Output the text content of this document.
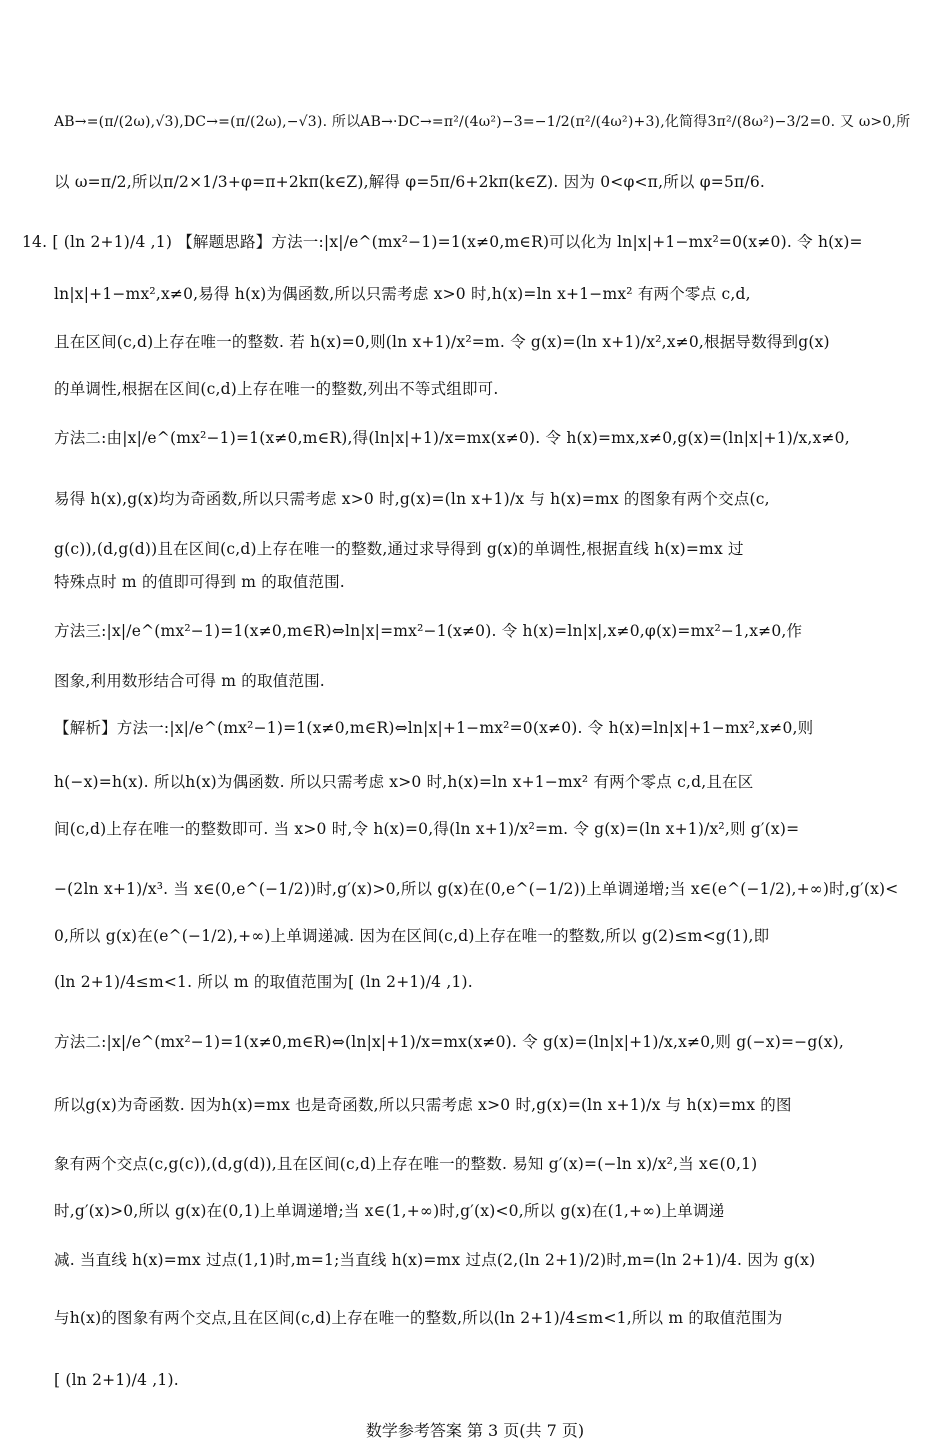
AB→=(π/(2ω),√3),DC→=(π/(2ω),−√3). 所以AB→·DC→=π²/(4ω²)−3=−1/2(π²/(4ω²)+3),化简得3π²/(8ω²)−3/2=0. 又 ω>0,所
以 ω=π/2,所以π/2×1/3+φ=π+2kπ(k∈Z),解得 φ=5π/6+2kπ(k∈Z). 因为 0<φ<π,所以 φ=5π/6.
14. [ (ln 2+1)/4 ,1) 【解题思路】方法一:|x|/e^(mx²−1)=1(x≠0,m∈R)可以化为 ln|x|+1−mx²=0(x≠0). 令 h(x)=
ln|x|+1−mx²,x≠0,易得 h(x)为偶函数,所以只需考虑 x>0 时,h(x)=ln x+1−mx² 有两个零点 c,d,
且在区间(c,d)上存在唯一的整数. 若 h(x)=0,则(ln x+1)/x²=m. 令 g(x)=(ln x+1)/x²,x≠0,根据导数得到g(x)
的单调性,根据在区间(c,d)上存在唯一的整数,列出不等式组即可.
方法二:由|x|/e^(mx²−1)=1(x≠0,m∈R),得(ln|x|+1)/x=mx(x≠0). 令 h(x)=mx,x≠0,g(x)=(ln|x|+1)/x,x≠0,
易得 h(x),g(x)均为奇函数,所以只需考虑 x>0 时,g(x)=(ln x+1)/x 与 h(x)=mx 的图象有两个交点(c,
g(c)),(d,g(d))且在区间(c,d)上存在唯一的整数,通过求导得到 g(x)的单调性,根据直线 h(x)=mx 过
特殊点时 m 的值即可得到 m 的取值范围.
方法三:|x|/e^(mx²−1)=1(x≠0,m∈R)⇔ln|x|=mx²−1(x≠0). 令 h(x)=ln|x|,x≠0,φ(x)=mx²−1,x≠0,作
图象,利用数形结合可得 m 的取值范围.
【解析】方法一:|x|/e^(mx²−1)=1(x≠0,m∈R)⇔ln|x|+1−mx²=0(x≠0). 令 h(x)=ln|x|+1−mx²,x≠0,则
h(−x)=h(x). 所以h(x)为偶函数. 所以只需考虑 x>0 时,h(x)=ln x+1−mx² 有两个零点 c,d,且在区
间(c,d)上存在唯一的整数即可. 当 x>0 时,令 h(x)=0,得(ln x+1)/x²=m. 令 g(x)=(ln x+1)/x²,则 g′(x)=
−(2ln x+1)/x³. 当 x∈(0,e^(−1/2))时,g′(x)>0,所以 g(x)在(0,e^(−1/2))上单调递增;当 x∈(e^(−1/2),+∞)时,g′(x)<
0,所以 g(x)在(e^(−1/2),+∞)上单调递减. 因为在区间(c,d)上存在唯一的整数,所以 g(2)≤m<g(1),即
(ln 2+1)/4≤m<1. 所以 m 的取值范围为[ (ln 2+1)/4 ,1).
方法二:|x|/e^(mx²−1)=1(x≠0,m∈R)⇔(ln|x|+1)/x=mx(x≠0). 令 g(x)=(ln|x|+1)/x,x≠0,则 g(−x)=−g(x),
所以g(x)为奇函数. 因为h(x)=mx 也是奇函数,所以只需考虑 x>0 时,g(x)=(ln x+1)/x 与 h(x)=mx 的图
象有两个交点(c,g(c)),(d,g(d)),且在区间(c,d)上存在唯一的整数. 易知 g′(x)=(−ln x)/x²,当 x∈(0,1)
时,g′(x)>0,所以 g(x)在(0,1)上单调递增;当 x∈(1,+∞)时,g′(x)<0,所以 g(x)在(1,+∞)上单调递
减. 当直线 h(x)=mx 过点(1,1)时,m=1;当直线 h(x)=mx 过点(2,(ln 2+1)/2)时,m=(ln 2+1)/4. 因为 g(x)
与h(x)的图象有两个交点,且在区间(c,d)上存在唯一的整数,所以(ln 2+1)/4≤m<1,所以 m 的取值范围为
[ (ln 2+1)/4 ,1).
数学参考答案 第 3 页(共 7 页)
